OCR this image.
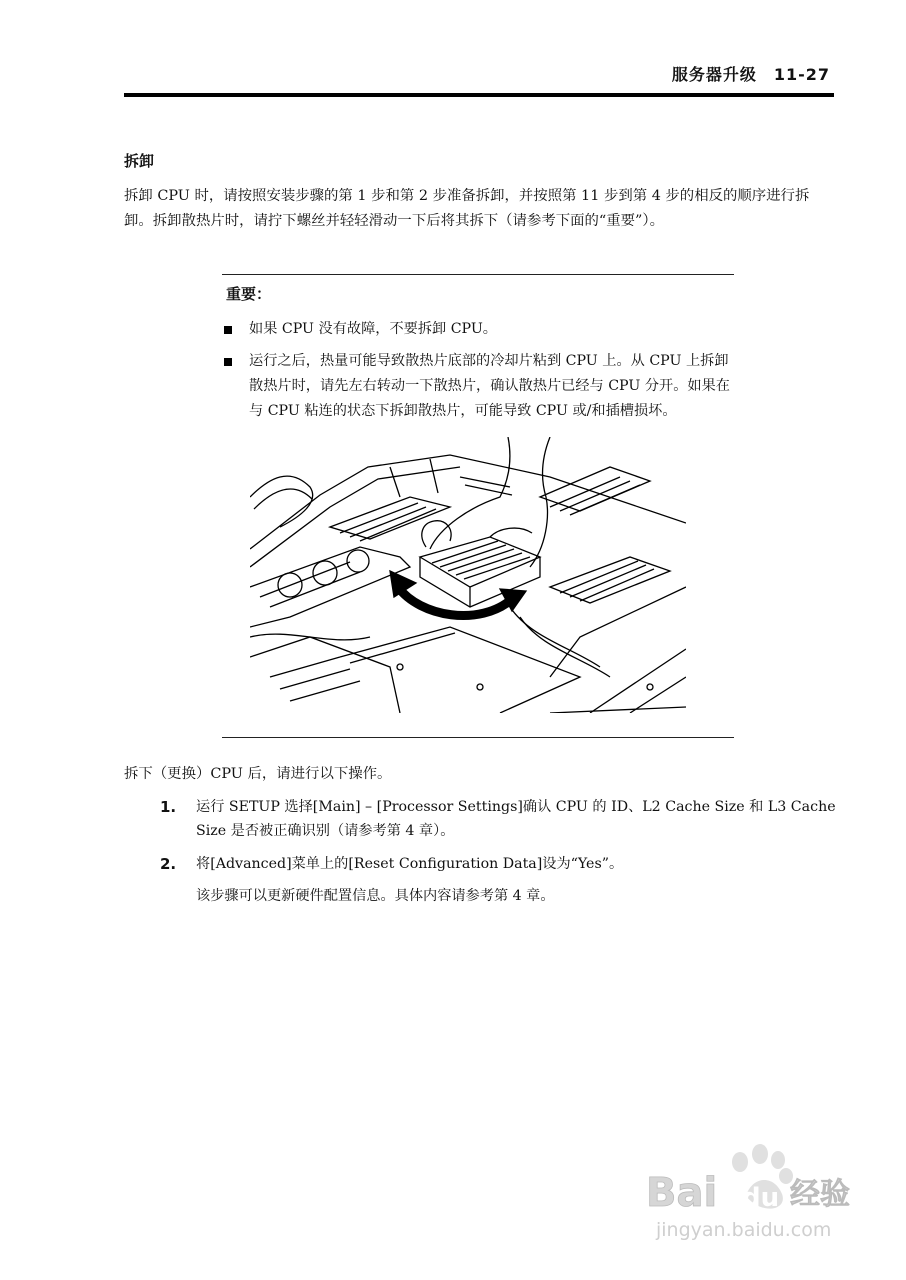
服务器升级　11-27
拆卸

拆卸 CPU 时，请按照安装步骤的第 1 步和第 2 步准备拆卸，并按照第 11 步到第 4 步的相反的顺序进行拆卸。拆卸散热片时，请拧下螺丝并轻轻滑动一下后将其拆下（请参考下面的“重要”）。

重要：
如果 CPU 没有故障，不要拆卸 CPU。
运行之后，热量可能导致散热片底部的冷却片粘到 CPU 上。从 CPU 上拆卸散热片时，请先左右转动一下散热片，确认散热片已经与 CPU 分开。如果在与 CPU 粘连的状态下拆卸散热片，可能导致 CPU 或/和插槽损坏。
拆下（更换）CPU 后，请进行以下操作。
1. 运行 SETUP 选择[Main] – [Processor Settings]确认 CPU 的 ID、L2 Cache Size 和 L3 Cache Size 是否被正确识别（请参考第 4 章）。
2. 将[Advanced]菜单上的[Reset Configuration Data]设为“Yes”。
该步骤可以更新硬件配置信息。具体内容请参考第 4 章。
Bai du 经验
jingyan.baidu.com
